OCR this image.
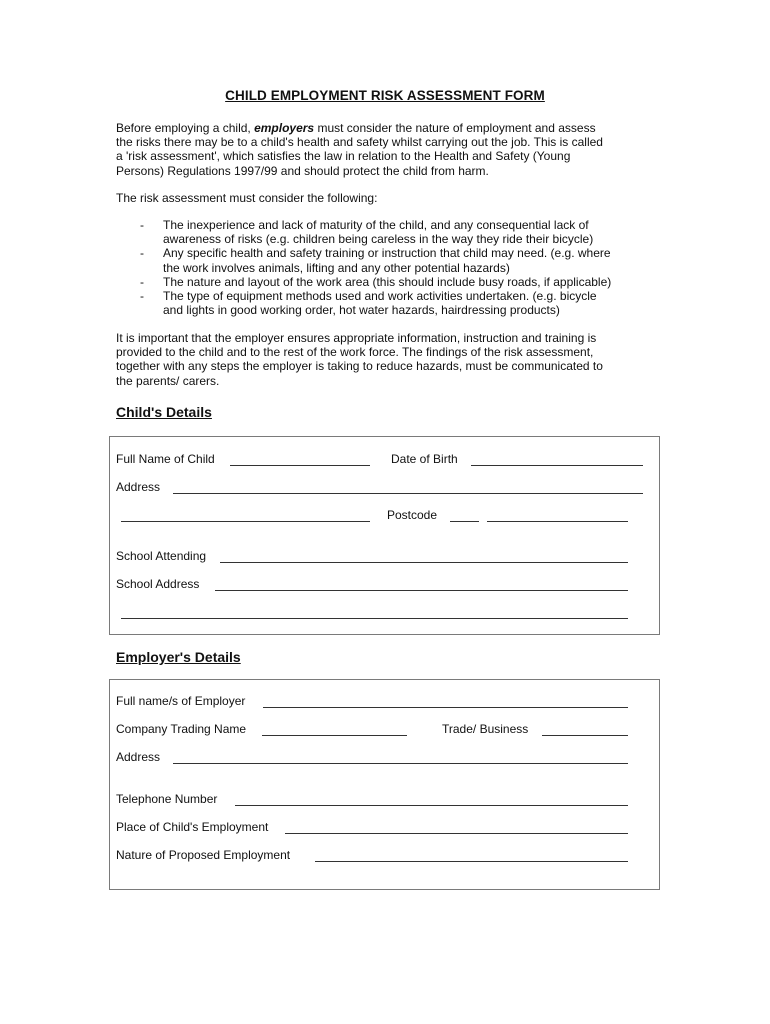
CHILD EMPLOYMENT RISK ASSESSMENT FORM
Before employing a child, employers must consider the nature of employment and assess
the risks there may be to a child's health and safety whilst carrying out the job. This is called
a 'risk assessment', which satisfies the law in relation to the Health and Safety (Young
Persons) Regulations 1997/99 and should protect the child from harm.
The risk assessment must consider the following:
- The inexperience and lack of maturity of the child, and any consequential lack of
awareness of risks (e.g. children being careless in the way they ride their bicycle)
- Any specific health and safety training or instruction that child may need. (e.g. where
the work involves animals, lifting and any other potential hazards)
- The nature and layout of the work area (this should include busy roads, if applicable)
- The type of equipment methods used and work activities undertaken. (e.g. bicycle
and lights in good working order, hot water hazards, hairdressing products)
It is important that the employer ensures appropriate information, instruction and training is
provided to the child and to the rest of the work force. The findings of the risk assessment,
together with any steps the employer is taking to reduce hazards, must be communicated to
the parents/ carers.
Child's Details
Full Name of Child	Date of Birth
Address
Postcode
School Attending
School Address
Employer's Details
Full name/s of Employer
Company Trading Name	Trade/ Business
Address
Telephone Number
Place of Child's Employment
Nature of Proposed Employment
